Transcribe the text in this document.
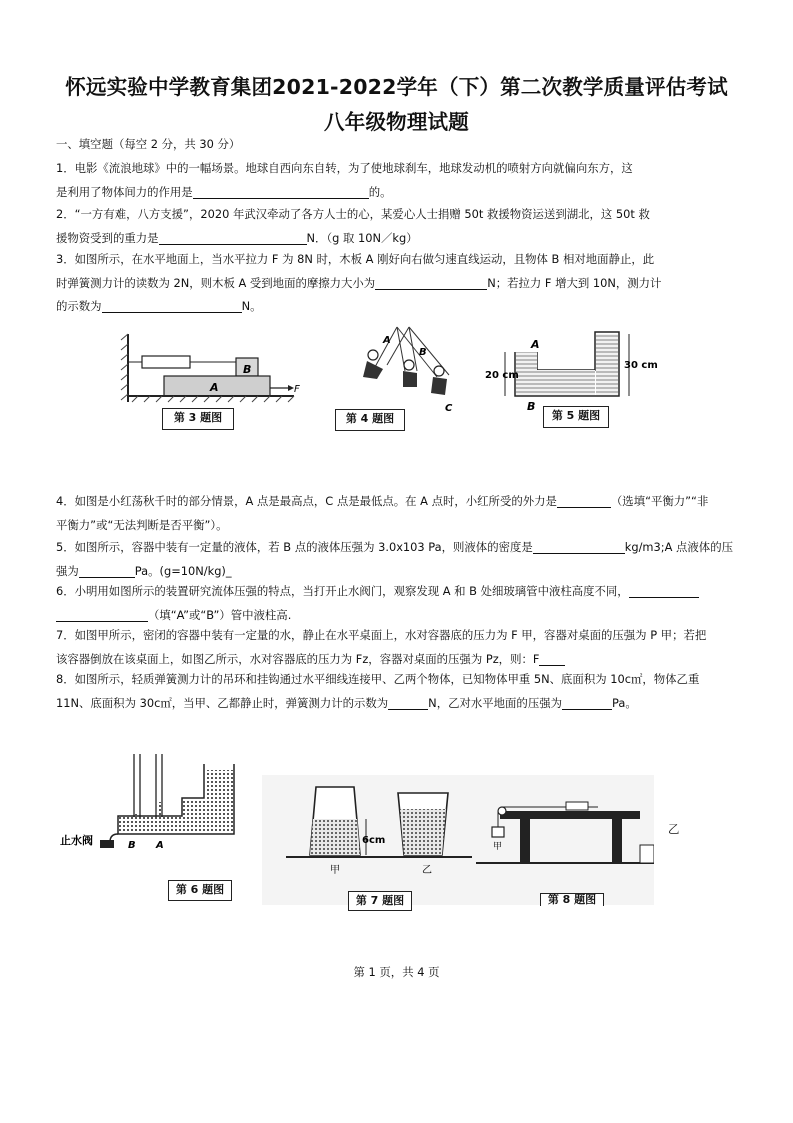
怀远实验中学教育集团2021-2022学年（下）第二次教学质量评估考试
八年级物理试题
一、填空题（每空 2 分，共 30 分）
1．电影《流浪地球》中的一幅场景。地球自西向东自转，为了使地球刹车，地球发动机的喷射方向就偏向东方，这
是利用了物体间力的作用是	的。
2．“一方有难，八方支援”，2020 年武汉牵动了各方人士的心，某爱心人士捐赠 50t 救援物资运送到湖北，这 50t 救
援物资受到的重力是	N．（g 取 10N／kg）
3．如图所示，在水平地面上，当水平拉力 F 为 8N 时，木板 A 刚好向右做匀速直线运动，且物体 B 相对地面静止，此
时弹簧测力计的读数为 2N，则木板 A 受到地面的摩擦力大小为	N；若拉力 F 增大到 10N，测力计
的示数为	N。
B
A	F
第 3 题图
A
B
C
第 4 题图
20 cm
30 cm
A
B
第 5 题图
4．如图是小红荡秋千时的部分情景，A 点是最高点，C 点是最低点。在 A 点时，小红所受的外力是	（选填“平衡力”“非
平衡力”或“无法判断是否平衡”）。
5．如图所示，容器中装有一定量的液体，若 B 点的液体压强为 3.0x103 Pa，则液体的密度是	kg/m3;A 点液体的压
强为	Pa。(g=10N/kg)_
6．小明用如图所示的装置研究流体压强的特点，当打开止水阀门，观察发现 A 和 B 处细玻璃管中液柱高度不同，
（填“A”或“B”）管中液柱高.
7．如图甲所示，密闭的容器中装有一定量的水，静止在水平桌面上，水对容器底的压力为 F 甲，容器对桌面的压强为 P 甲；若把
该容器倒放在该桌面上，如图乙所示，水对容器底的压力为 Fz，容器对桌面的压强为 Pz，则：F
8．如图所示，轻质弹簧测力计的吊环和挂钩通过水平细线连接甲、乙两个物体，已知物体甲重 5N、底面积为 10c㎡，物体乙重
11N、底面积为 30c㎡，当甲、乙都静止时，弹簧测力计的示数为	N，乙对水平地面的压强为	Pa。
B A
止水阀
第 6 题图
6cm
甲	乙
甲
第 7 题图	第 8 题图
乙
第 1 页，共 4 页
